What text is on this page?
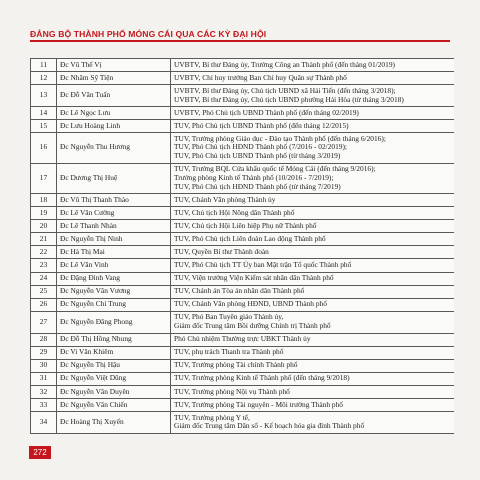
ĐẢNG BỘ THÀNH PHỐ MÓNG CÁI QUA CÁC KỲ ĐẠI HỘI
11	Đc Vũ Thế Vị	UVBTV, Bí thư Đảng ủy, Trưởng Công an Thành phố (đến tháng 01/2019)

12	Đc Nhâm Sỹ Tiện	UVBTV, Chỉ huy trưởng Ban Chỉ huy Quân sự Thành phố

13	Đc Đỗ Văn Tuấn	UVBTV, Bí thư Đảng ủy, Chủ tịch UBND xã Hải Tiến (đến tháng 3/2018);
UVBTV, Bí thư Đảng ủy, Chủ tịch UBND phường Hải Hòa (từ tháng 3/2018)

14	Đc Lê Ngọc Lưu	UVBTV, Phó Chủ tịch UBND Thành phố (đến tháng 02/2019)

15	Đc Lưu Hoàng Linh	TUV, Phó Chủ tịch UBND Thành phố (đến tháng 12/2015)

16	Đc Nguyễn Thu Hương	TUV, Trưởng phòng Giáo dục - Đào tạo Thành phố (đến tháng 6/2016);
TUV, Phó Chủ tịch HĐND Thành phố (7/2016 - 02/2019);
TUV, Phó Chủ tịch UBND Thành phố (từ tháng 3/2019)

17	Đc Dương Thị Huệ	TUV, Trưởng BQL Cửa khẩu quốc tế Móng Cái (đến tháng 9/2016);
Trưởng phòng Kinh tế Thành phố (10/2016 - 7/2019);
TUV, Phó Chủ tịch HĐND Thành phố (từ tháng 7/2019)

18	Đc Vũ Thị Thanh Thảo	TUV, Chánh Văn phòng Thành ủy

19	Đc Lê Văn Cường	TUV, Chủ tịch Hội Nông dân Thành phố

20	Đc Lê Thanh Nhàn	TUV, Chủ tịch Hội Liên hiệp Phụ nữ Thành phố

21	Đc Nguyễn Thị Ninh	TUV, Phó Chủ tịch Liên đoàn Lao động Thành phố

22	Đc Hà Thị Mai	TUV, Quyền Bí thư Thành đoàn

23	Đc Lê Văn Vinh	TUV, Phó Chủ tịch TT Ủy ban Mặt trận Tổ quốc Thành phố

24	Đc Đặng Đình Vang	TUV, Viện trưởng Viện Kiểm sát nhân dân Thành phố

25	Đc Nguyễn Văn Vương	TUV, Chánh án Tòa án nhân dân Thành phố

26	Đc Nguyễn Chí Trung	TUV, Chánh Văn phòng HĐND, UBND Thành phố

27	Đc Nguyễn Đăng Phong	TUV, Phó Ban Tuyên giáo Thành ủy,
Giám đốc Trung tâm Bồi dưỡng Chính trị Thành phố

28	Đc Đỗ Thị Hồng Nhung	Phó Chủ nhiệm Thường trực UBKT Thành ủy

29	Đc Vi Văn Khiêm	TUV, phụ trách Thanh tra Thành phố

30	Đc Nguyễn Thị Hậu	TUV, Trưởng phòng Tài chính Thành phố

31	Đc Nguyễn Việt Dũng	TUV, Trưởng phòng Kinh tế Thành phố (đến tháng 9/2018)

32	Đc Nguyễn Văn Duyên	TUV, Trưởng phòng Nội vụ Thành phố

33	Đc Nguyễn Văn Chiến	TUV, Trưởng phòng Tài nguyên - Môi trường Thành phố

34	Đc Hoàng Thị Xuyến	TUV, Trưởng phòng Y tế,
Giám đốc Trung tâm Dân số - Kế hoạch hóa gia đình Thành phố
272
